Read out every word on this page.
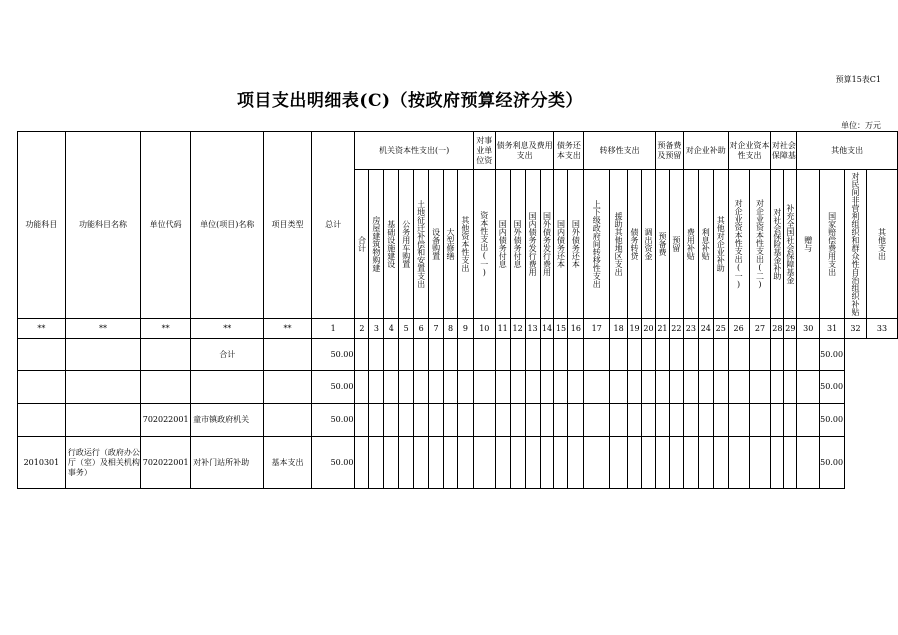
预算15表C1
项目支出明细表(C)（按政府预算经济分类）
单位：万元
功能科目	功能科目名称	单位代码	单位(项目)名称	项目类型	总计	机关资本性支出(一)								对事业单位资	债务利息及费用支出				债务还本支出		转移性支出				预备费及预留		对企业补助			对企业资本性支出		对社会保障基		其他支出			

						合计	房屋建筑物购建	基础设施建设	公务用车购置	土地征迁补偿和安置支出	设备购置	大型修缮	其他资本性支出	资本性支出(一)	国内债务付息	国外债务付息	国内债务发行费用	国外债务发行费用	国内债务还本	国外债务还本	上下级政府间转移性支出	援助其他地区支出	债务转贷	调出资金	预备费	预留	费用补贴	利息补贴	其他对企业补助	对企业资本性支出(一)	对企业资本性支出(二)	对社会保险基金补助	补充全国社会保障基金	赠与	国家赔偿费用支出	对民间非营利组织和群众性自治组织补贴	其他支出

**	**	**	**	**	1	2	3	4	5	6	7	8	9	10	11	12	13	14	15	16	17	18	19	20	21	22	23	24	25	26	27	28	29	30	31	32	33
			合计		50.00																														50.00		
					50.00																														50.00		
		702022001	童市镇政府机关		50.00																														50.00		
2010301	行政运行（政府办公厅（室）及相关机构事务）	702022001	对补门站所补助	基本支出	50.00																														50.00		
